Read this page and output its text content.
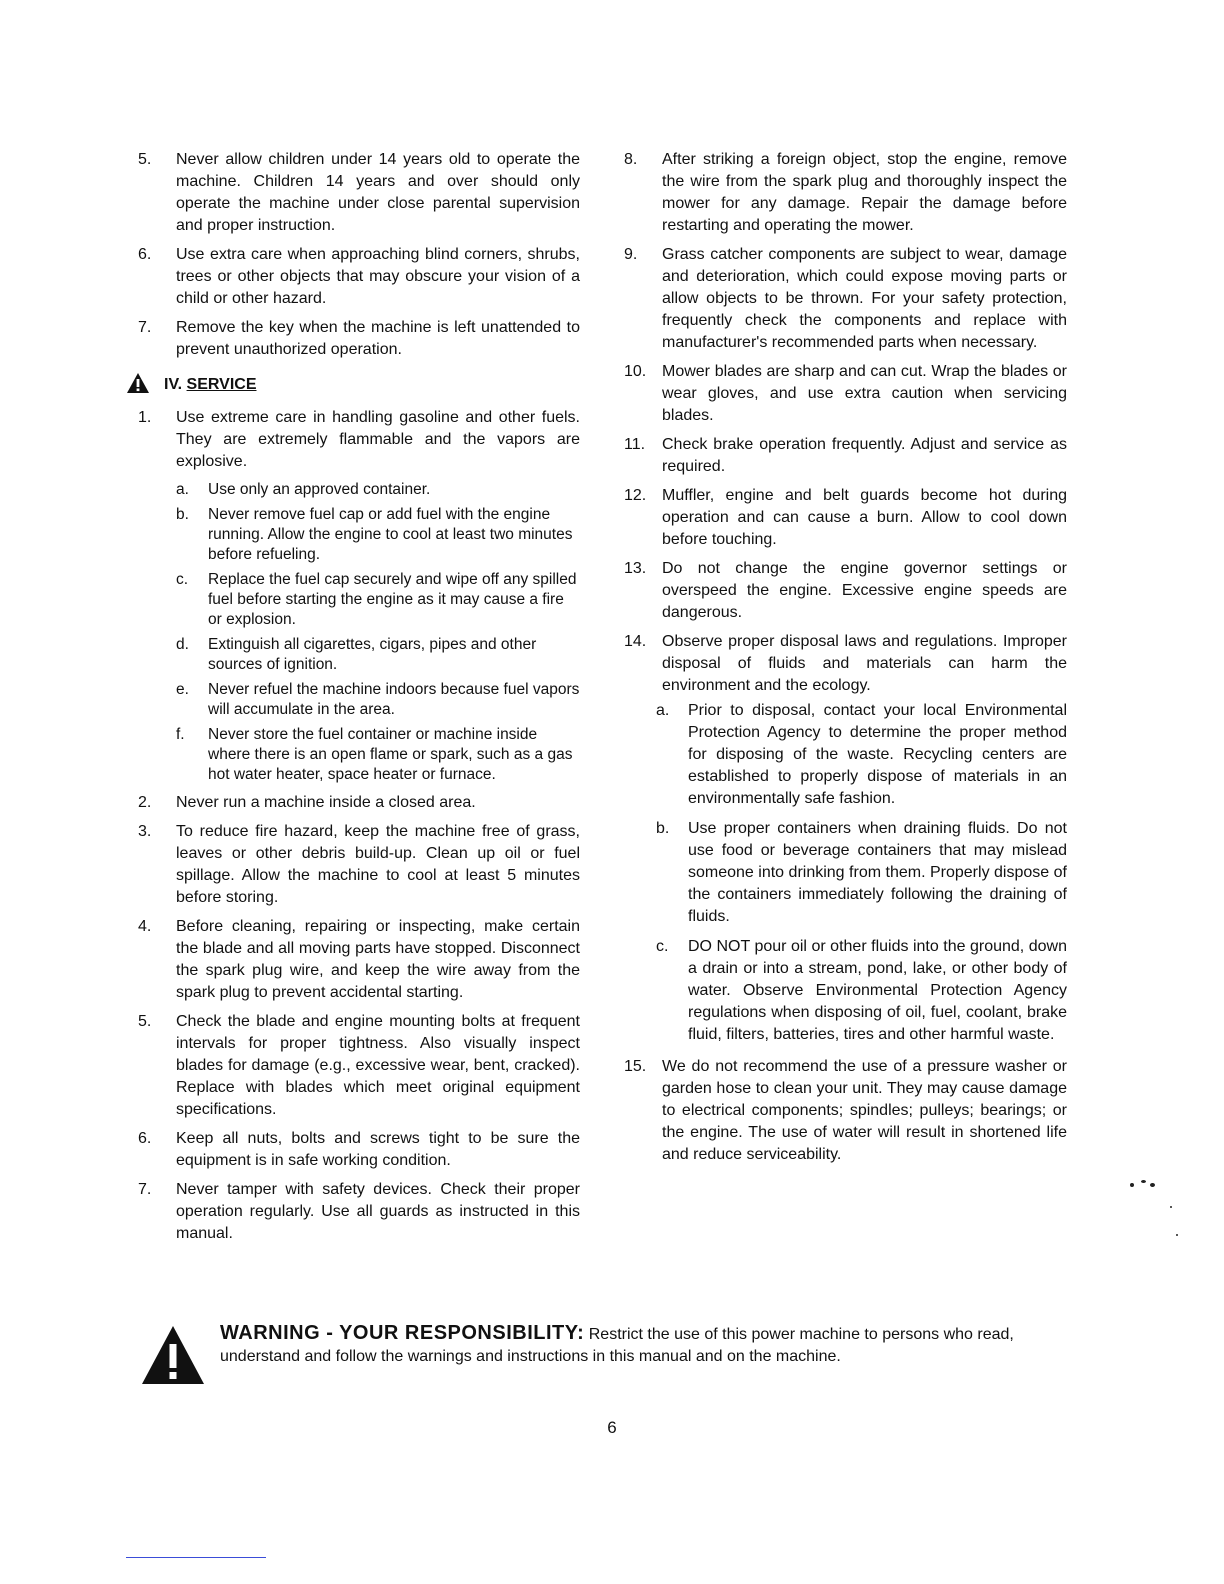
5.	Never allow children under 14 years old to operate the machine. Children 14 years and over should only operate the machine under close parental supervision and proper instruction.
6.	Use extra care when approaching blind corners, shrubs, trees or other objects that may obscure your vision of a child or other hazard.
7.	Remove the key when the machine is left unattended to prevent unauthorized operation.
IV. SERVICE
1.	Use extreme care in handling gasoline and other fuels. They are extremely flammable and the vapors are explosive.
a.	Use only an approved container.
b.	Never remove fuel cap or add fuel with the engine running. Allow the engine to cool at least two minutes before refueling.
c.	Replace the fuel cap securely and wipe off any spilled fuel before starting the engine as it may cause a fire or explosion.
d.	Extinguish all cigarettes, cigars, pipes and other sources of ignition.
e.	Never refuel the machine indoors because fuel vapors will accumulate in the area.
f.	Never store the fuel container or machine inside where there is an open flame or spark, such as a gas hot water heater, space heater or furnace.
2.	Never run a machine inside a closed area.
3.	To reduce fire hazard, keep the machine free of grass, leaves or other debris build-up. Clean up oil or fuel spillage. Allow the machine to cool at least 5 minutes before storing.
4.	Before cleaning, repairing or inspecting, make certain the blade and all moving parts have stopped. Disconnect the spark plug wire, and keep the wire away from the spark plug to prevent accidental starting.
5.	Check the blade and engine mounting bolts at frequent intervals for proper tightness. Also visually inspect blades for damage (e.g., excessive wear, bent, cracked). Replace with blades which meet original equipment specifications.
6.	Keep all nuts, bolts and screws tight to be sure the equipment is in safe working condition.
7.	Never tamper with safety devices. Check their proper operation regularly. Use all guards as instructed in this manual.
8.	After striking a foreign object, stop the engine, remove the wire from the spark plug and thoroughly inspect the mower for any damage. Repair the damage before restarting and operating the mower.
9.	Grass catcher components are subject to wear, damage and deterioration, which could expose moving parts or allow objects to be thrown. For your safety protection, frequently check the components and replace with manufacturer's recommended parts when necessary.
10. Mower blades are sharp and can cut. Wrap the blades or wear gloves, and use extra caution when servicing blades.
11.	Check brake operation frequently. Adjust and service as required.
12. Muffler, engine and belt guards become hot during operation and can cause a burn. Allow to cool down before touching.
13. Do not change the engine governor settings or overspeed the engine. Excessive engine speeds are dangerous.
14. Observe proper disposal laws and regulations. Improper disposal of fluids and materials can harm the environment and the ecology.
a. Prior to disposal, contact your local Environmental Protection Agency to determine the proper method for disposing of the waste. Recycling centers are established to properly dispose of materials in an environmentally safe fashion.
b. Use proper containers when draining fluids. Do not use food or beverage containers that may mislead someone into drinking from them. Properly dispose of the containers immediately following the draining of fluids.
c. DO NOT pour oil or other fluids into the ground, down a drain or into a stream, pond, lake, or other body of water. Observe Environmental Protection Agency regulations when disposing of oil, fuel, coolant, brake fluid, filters, batteries, tires and other harmful waste.
15. We do not recommend the use of a pressure washer or garden hose to clean your unit. They may cause damage to electrical components; spindles; pulleys; bearings; or the engine. The use of water will result in shortened life and reduce serviceability.
WARNING - YOUR RESPONSIBILITY: Restrict the use of this power machine to persons who read, understand and follow the warnings and instructions in this manual and on the machine.
6
